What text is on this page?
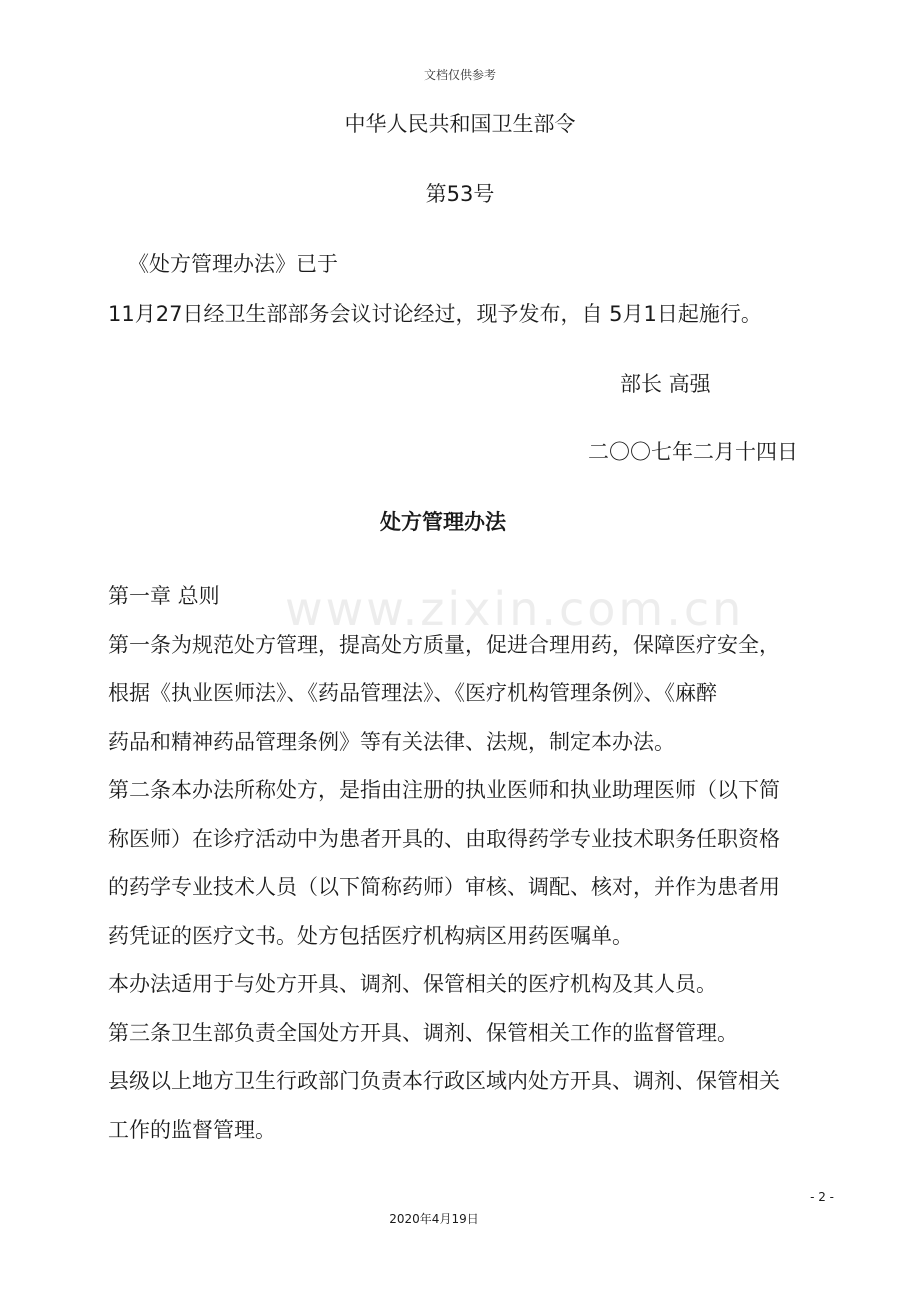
文档仅供参考
中华人民共和国卫生部令
第53号
《处方管理办法》已于
11月27日经卫生部部务会议讨论经过，现予发布，自 5月1日起施行。
部长 高强
二〇〇七年二月十四日
处方管理办法
www.zixin.com.cn

第一章 总则

第一条为规范处方管理，提高处方质量，促进合理用药，保障医疗安全，

根据《执业医师法》、《药品管理法》、《医疗机构管理条例》、《麻醉

药品和精神药品管理条例》等有关法律、法规，制定本办法。

第二条本办法所称处方，是指由注册的执业医师和执业助理医师（以下简

称医师）在诊疗活动中为患者开具的、由取得药学专业技术职务任职资格

的药学专业技术人员（以下简称药师）审核、调配、核对，并作为患者用

药凭证的医疗文书。处方包括医疗机构病区用药医嘱单。

本办法适用于与处方开具、调剂、保管相关的医疗机构及其人员。

第三条卫生部负责全国处方开具、调剂、保管相关工作的监督管理。

县级以上地方卫生行政部门负责本行政区域内处方开具、调剂、保管相关

工作的监督管理。

- 2 -
2020年4月19日
